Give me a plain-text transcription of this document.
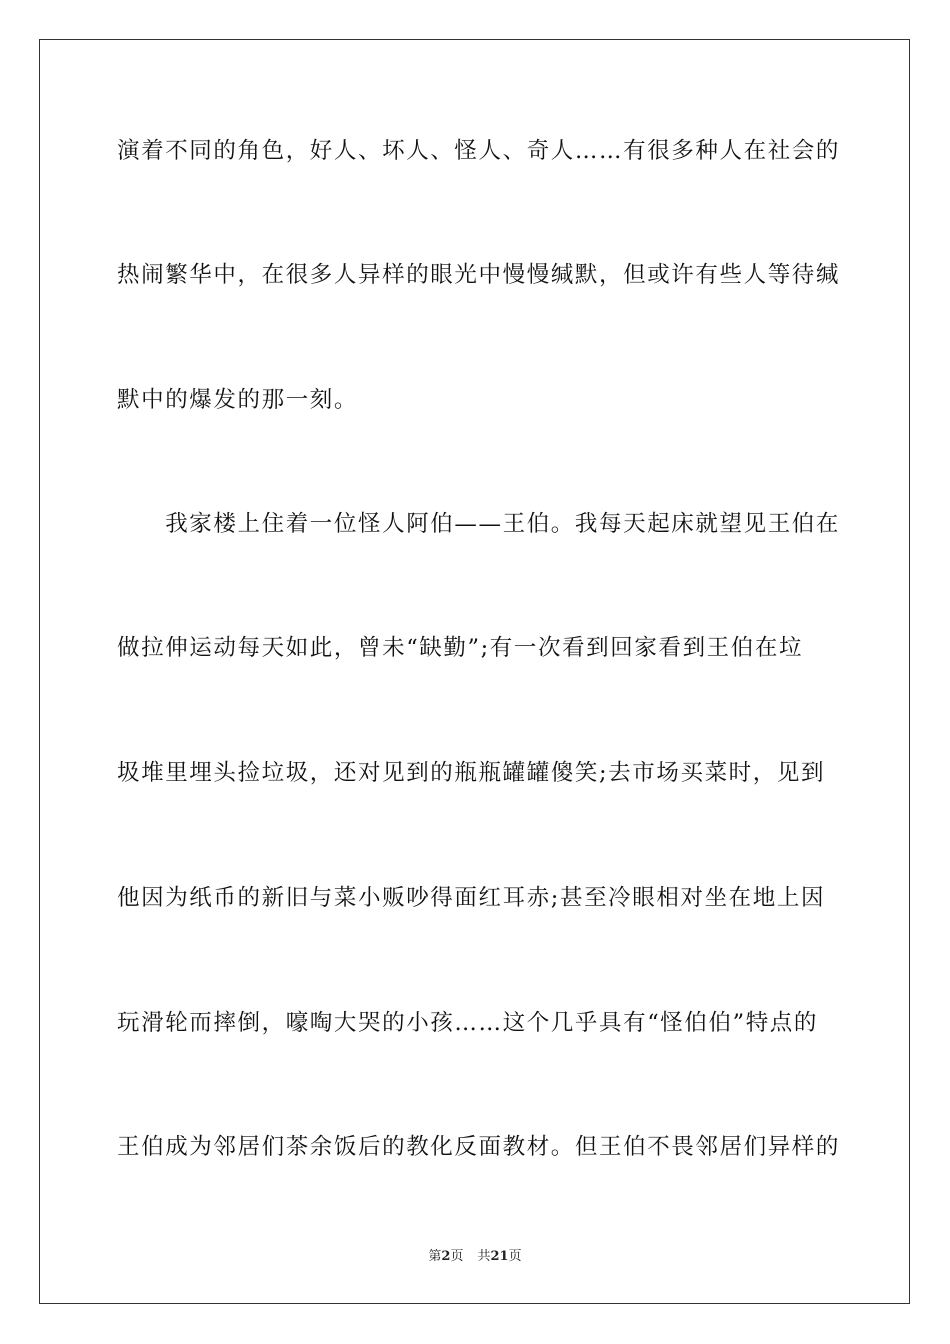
演着不同的角色，好人、坏人、怪人、奇人……有很多种人在社会的
热闹繁华中，在很多人异样的眼光中慢慢缄默，但或许有些人等待缄
默中的爆发的那一刻。
　　我家楼上住着一位怪人阿伯——王伯。我每天起床就望见王伯在
做拉伸运动每天如此，曾未“缺勤”;有一次看到回家看到王伯在垃
圾堆里埋头捡垃圾，还对见到的瓶瓶罐罐傻笑;去市场买菜时，见到
他因为纸币的新旧与菜小贩吵得面红耳赤;甚至冷眼相对坐在地上因
玩滑轮而摔倒，嚎啕大哭的小孩……这个几乎具有“怪伯伯”特点的
王伯成为邻居们茶余饭后的教化反面教材。但王伯不畏邻居们异样的
第2页 共21页
